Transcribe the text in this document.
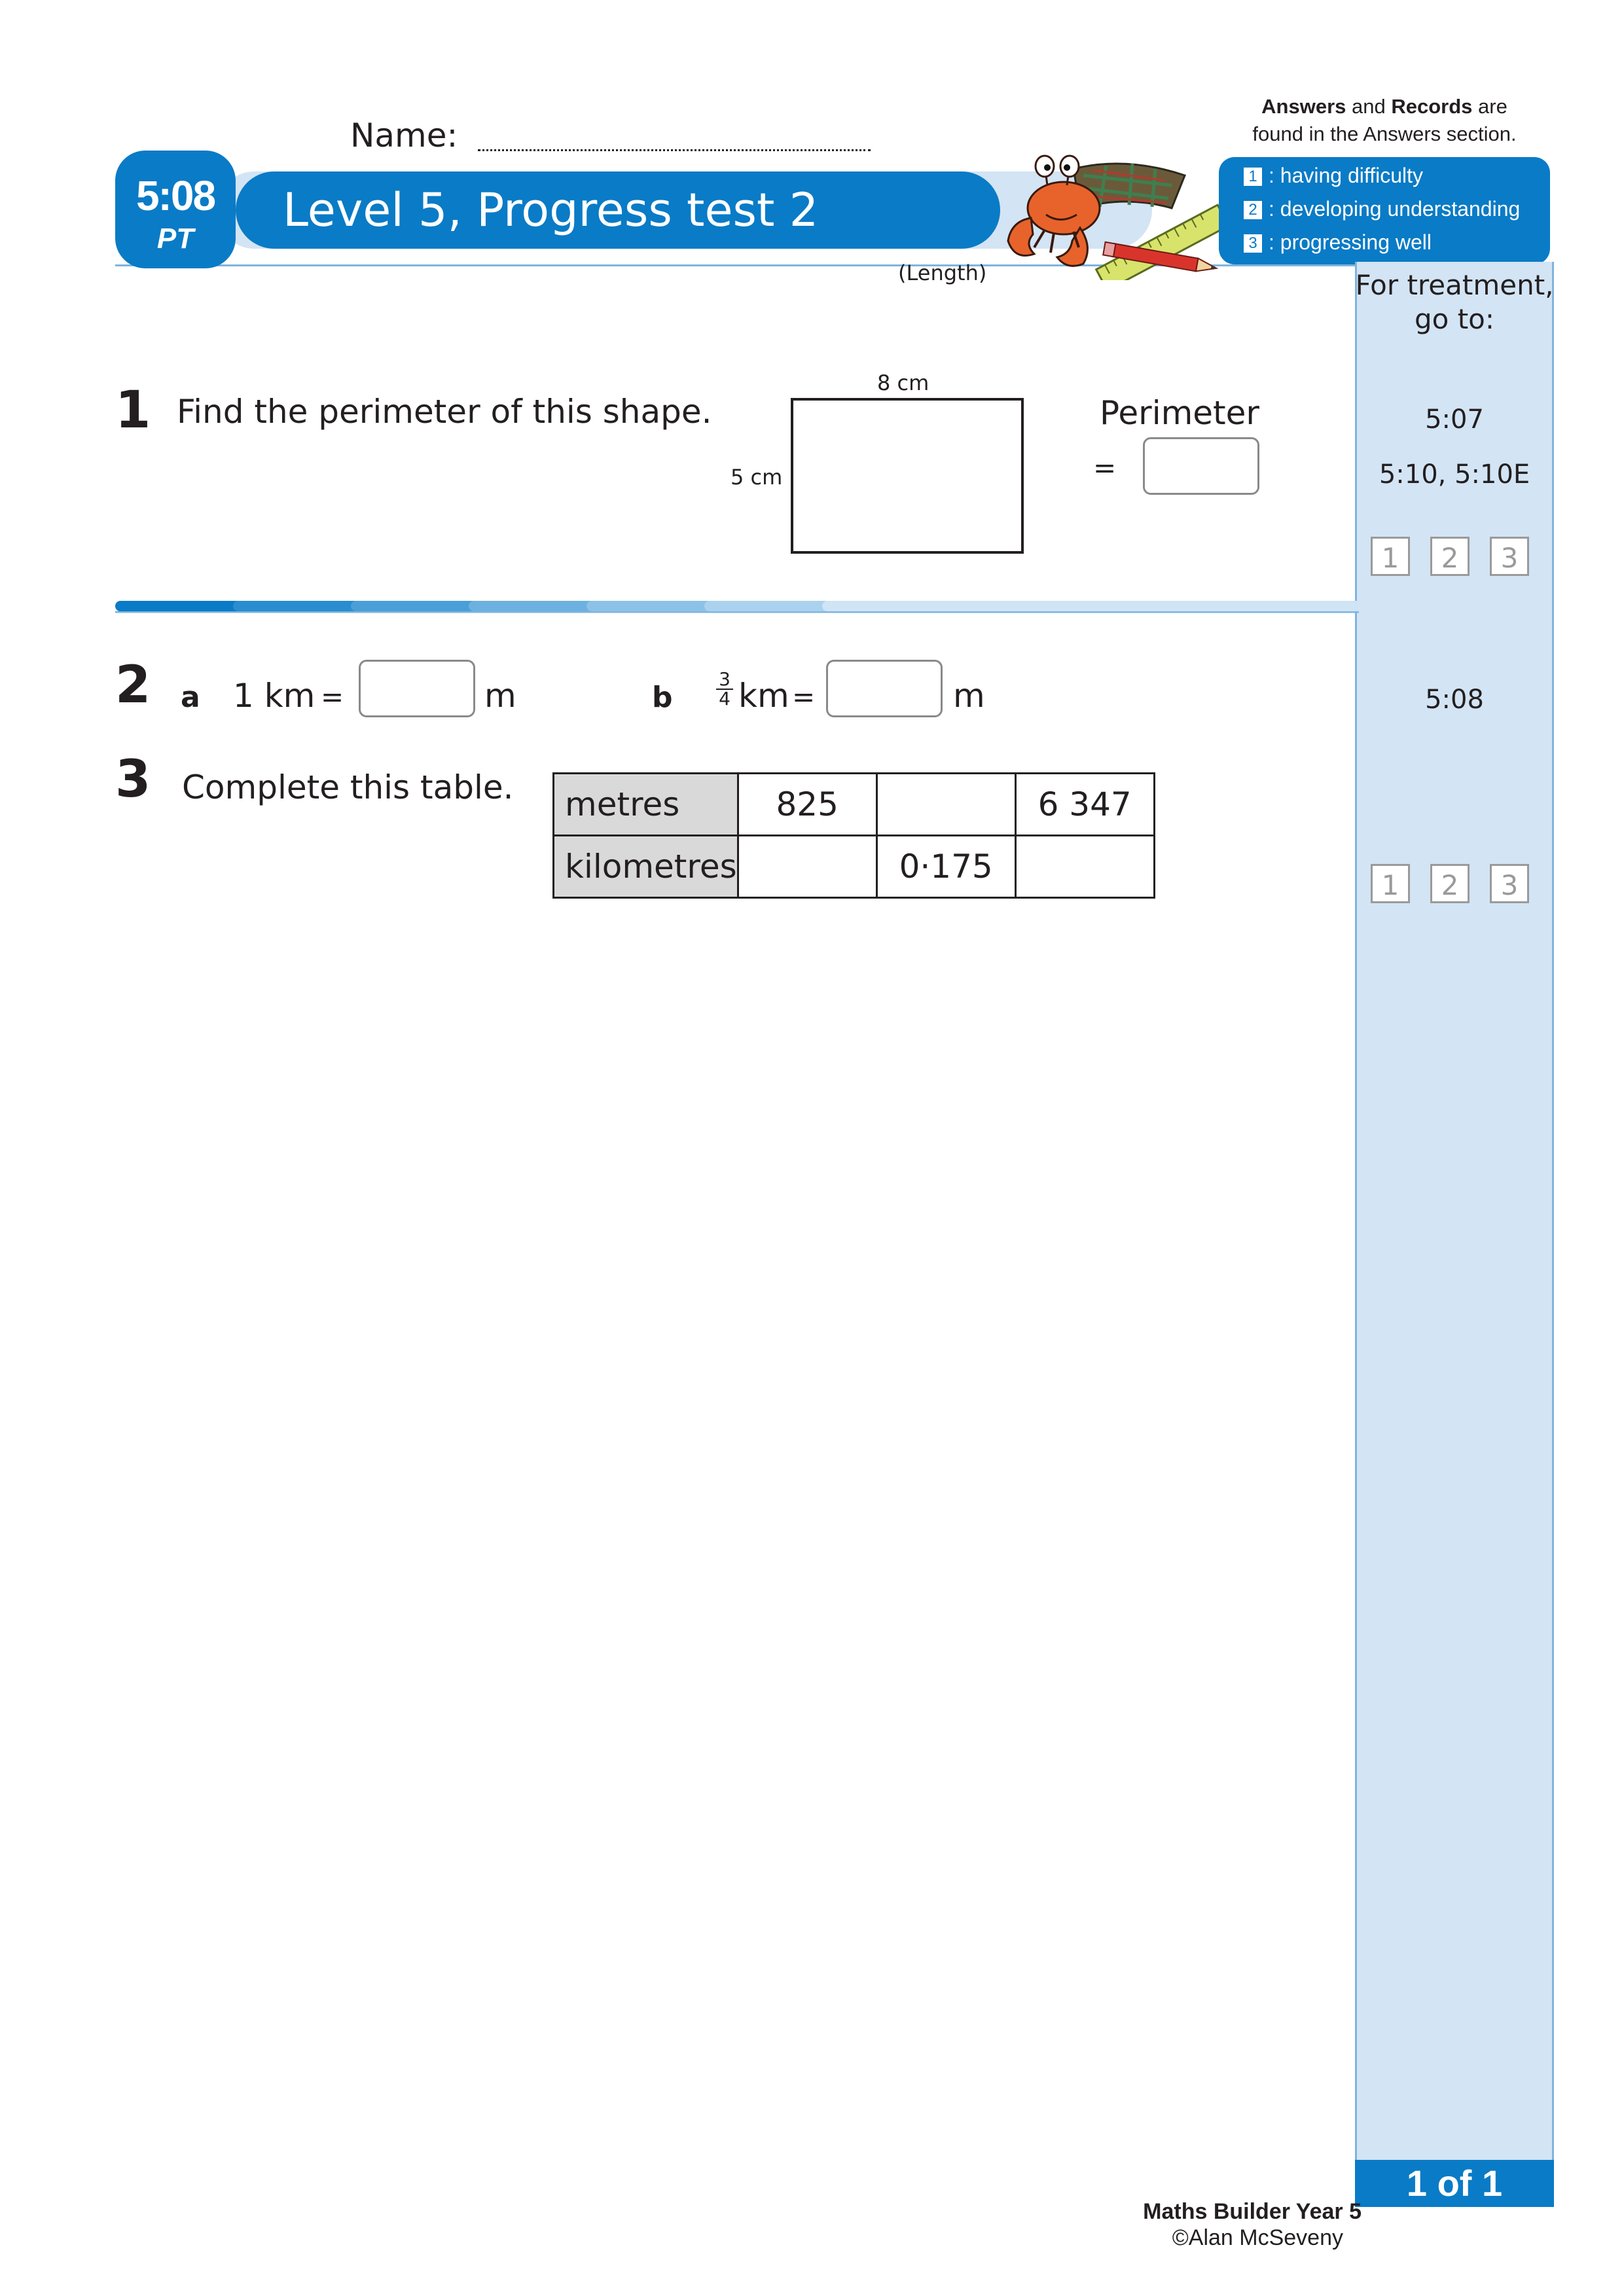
Name:
Answers and Records are
found in the Answers section.
5:08
PT
Level 5, Progress test 2
(Length)
1 : having difficulty
2 : developing understanding
3 : progressing well
For treatment,
go to:
5:07
5:10, 5:10E
5:08
1	2	3
1	2	3
1 of 1
1 Find the perimeter of this shape.
8 cm
5 cm
Perimeter
=
2 a 1 km =	m	b $\frac{3}{4}$ km =	m
3 Complete this table. metres	825		6 347
kilometres		0·175	
Maths Builder Year 5
©Alan McSeveny
